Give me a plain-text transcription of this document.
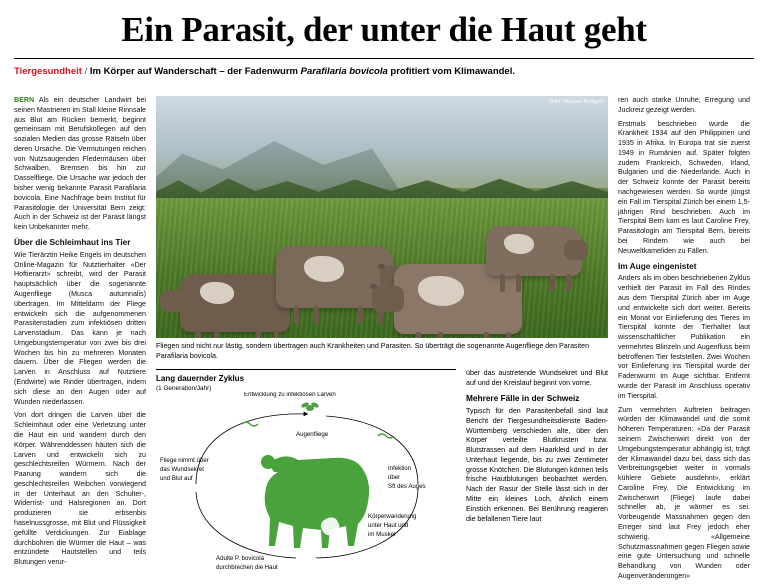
Ein Parasit, der unter die Haut geht
Tiergesundheit / Im Körper auf Wanderschaft – der Fadenwurm Parafilaria bovicola profitiert vom Klimawandel.

BERN Als ein deutscher Landwirt bei seinen Mastrieren im Stall kleine Rinnsale aus Blut am Rücken bemerkt, beginnt gemeinsam mit Berufskollegen auf den sozialen Medien das grosse Rätseln über deren Ursache. Die Vermutungen reichen von Nutzsaugenden Fledermäusen über Schwalben, Bremsen bis hin zur Dasselfliege. Die Ursache war jedoch der bisher wenig bekannte Parasit Parafilaria bovicola. Eine Nachfrage beim Institut für Parasitologie der Universität Bern zeigt: Auch in der Schweiz ist der Parasit längst kein Unbekannter mehr.

Über die Schleimhaut ins Tier

Wie Tierärztin Heike Engels im deutschen Online-Magazin für Nutztierhalter «Der Hoftierarzt» schreibt, wird der Parasit hauptsächlich über die sogenannte Augenfliege (Musca autumnalis) übertragen. Im Mitteldarm der Fliege entwickeln sich die aufgenommenen Parasitenstadien zum infektiösen dritten Larvenstadium. Das kann je nach Umgebungstemperatur von zwei bis drei Wochen bis hin zu mehreren Monaten dauern. Über die Fliegen werden die Larven in Anschluss auf Nutztiere (Endwirte) wie Rinder übertragen, indem sich diese an den Augen oder auf Wunden niederlassen.

Von dort dringen die Larven über die Schleimhaut oder eine Verletzung unter die Haut ein und wandern durch den Körper. Währenddessen häuten sich die Larven und entwickeln sich zu geschlechtsreifen Würmern. Nach der Paarung wandern sich die geschlechtsreifen Weibchen vorwiegend in der Unterhaut an den Schulter-, Widerrist- und Halsregionen an. Dort produzieren sie erbsenbis haselnussgrosse, mit Blut und Flüssigkeit gefüllte Verdickungen. Zur Eiablage durchbohren die Würmer die Haut – was entzündete Hautstellen und teils Blutungen verur-

(Bild: Markus Bolliger)
Fliegen sind nicht nur lästig, sondern übertragen auch Krankheiten und Parasiten. So überträgt die sogenannte Augenfliege den Parasiten Parafilaria bovicola.
Lang dauernder Zyklus
(1 Generation/Jahr)
Entwicklung zu infektiösen Larven
Augenfliege
Fliege nimmt über
das Wundsekret
und Blut auf
Infektion
über
Sft des Auges
Körperwanderung
unter Haut und
im Muskel
Adulte P. bovicola
durchbrechen die Haut

über das austretende Wundsekret und Blut auf und der Kreislauf beginnt von vorne.

Mehrere Fälle in der Schweiz

Typisch für den Parasitenbefall sind laut Bericht der Tiergesundheitsdienste Baden-Württemberg verschieden alte, über den Körper verteilte Blutkrusten bzw. Blutstrassen auf dem Haarkleid und in der Unterhaut liegende, bis zu zwei Zentimeter grosse Knötchen. Die Blutungen können teils frische Hautblutungen beobachtet werden. Nach der Rasur der Stelle lässt sich in der Mitte ein kleines Loch, ähnlich einem Einstich erkennen. Bei Berührung reagieren die befallenen Tiere laut

ren auch starke Unruhe, Erregung und Juckreiz gezeigt werden.

Erstmals beschrieben wurde die Krankheit 1934 auf den Philippinen und 1935 in Afrika. In Europa trat sie zuerst 1949 in Rumänien auf. Später folgten zudem Frankreich, Schweden, Irland, Bulgarien und die Niederlande. Auch in der Schweiz konnte der Parasit bereits nachgewiesen werden. So wurde jüngst ein Fall im Tierspital Zürich bei einem 1,5-jährigen Rind beschrieben. Auch im Tierspital Bern kam es laut Caroline Frey, Parasitologin am Tierspital Bern, bereits bei Rindern wie auch bei Neuweltkameliden zu Fällen.

Im Auge eingenistet

Anders als im oben beschriebenen Zyklus verhielt der Parasit im Fall des Rindes aus dem Tierspital Zürich aber im Auge und entwickelte sich dort weiter. Bereits ein Monat vor Einlieferung des Tieres im Tierspital konnte der Tierhalter laut wissenschaftlicher Publikation ein vermehrtes Blinzeln und Augenfluss beim betroffenen Tier feststellen. Zwei Wochen vor Einlieferung ins Tierspital wurde der Fadenwurm im Auge sichtbar. Entfernt wurde der Parasit im Anschluss operativ im Tierspital.

Zum vermehrten Auftreten beitragen würden der Klimawandel und die somit höheren Temperaturen: «Da der Parasit seinem Zwischenwirt direkt von der Umgebungstemperatur abhängig ist, trägt der Klimawandel dazu bei, dass sich das Verbreitungsgebiet weiter in vormals kühlere Gebiete ausdehnt», erklärt Caroline Frey. Die Entwicklung im Zwischenwirt (Fliege) laufe dabei schneller ab, je wärmer es sei. Vorbeugende Massnahmen gegen den Erreger sind laut Frey jedoch eher schwierig. «Allgemeine Schutzmassnahmen gegen Fliegen sowie eine gute Untersuchung und schnelle Behandlung von Wunden oder Augenveränderungen»
